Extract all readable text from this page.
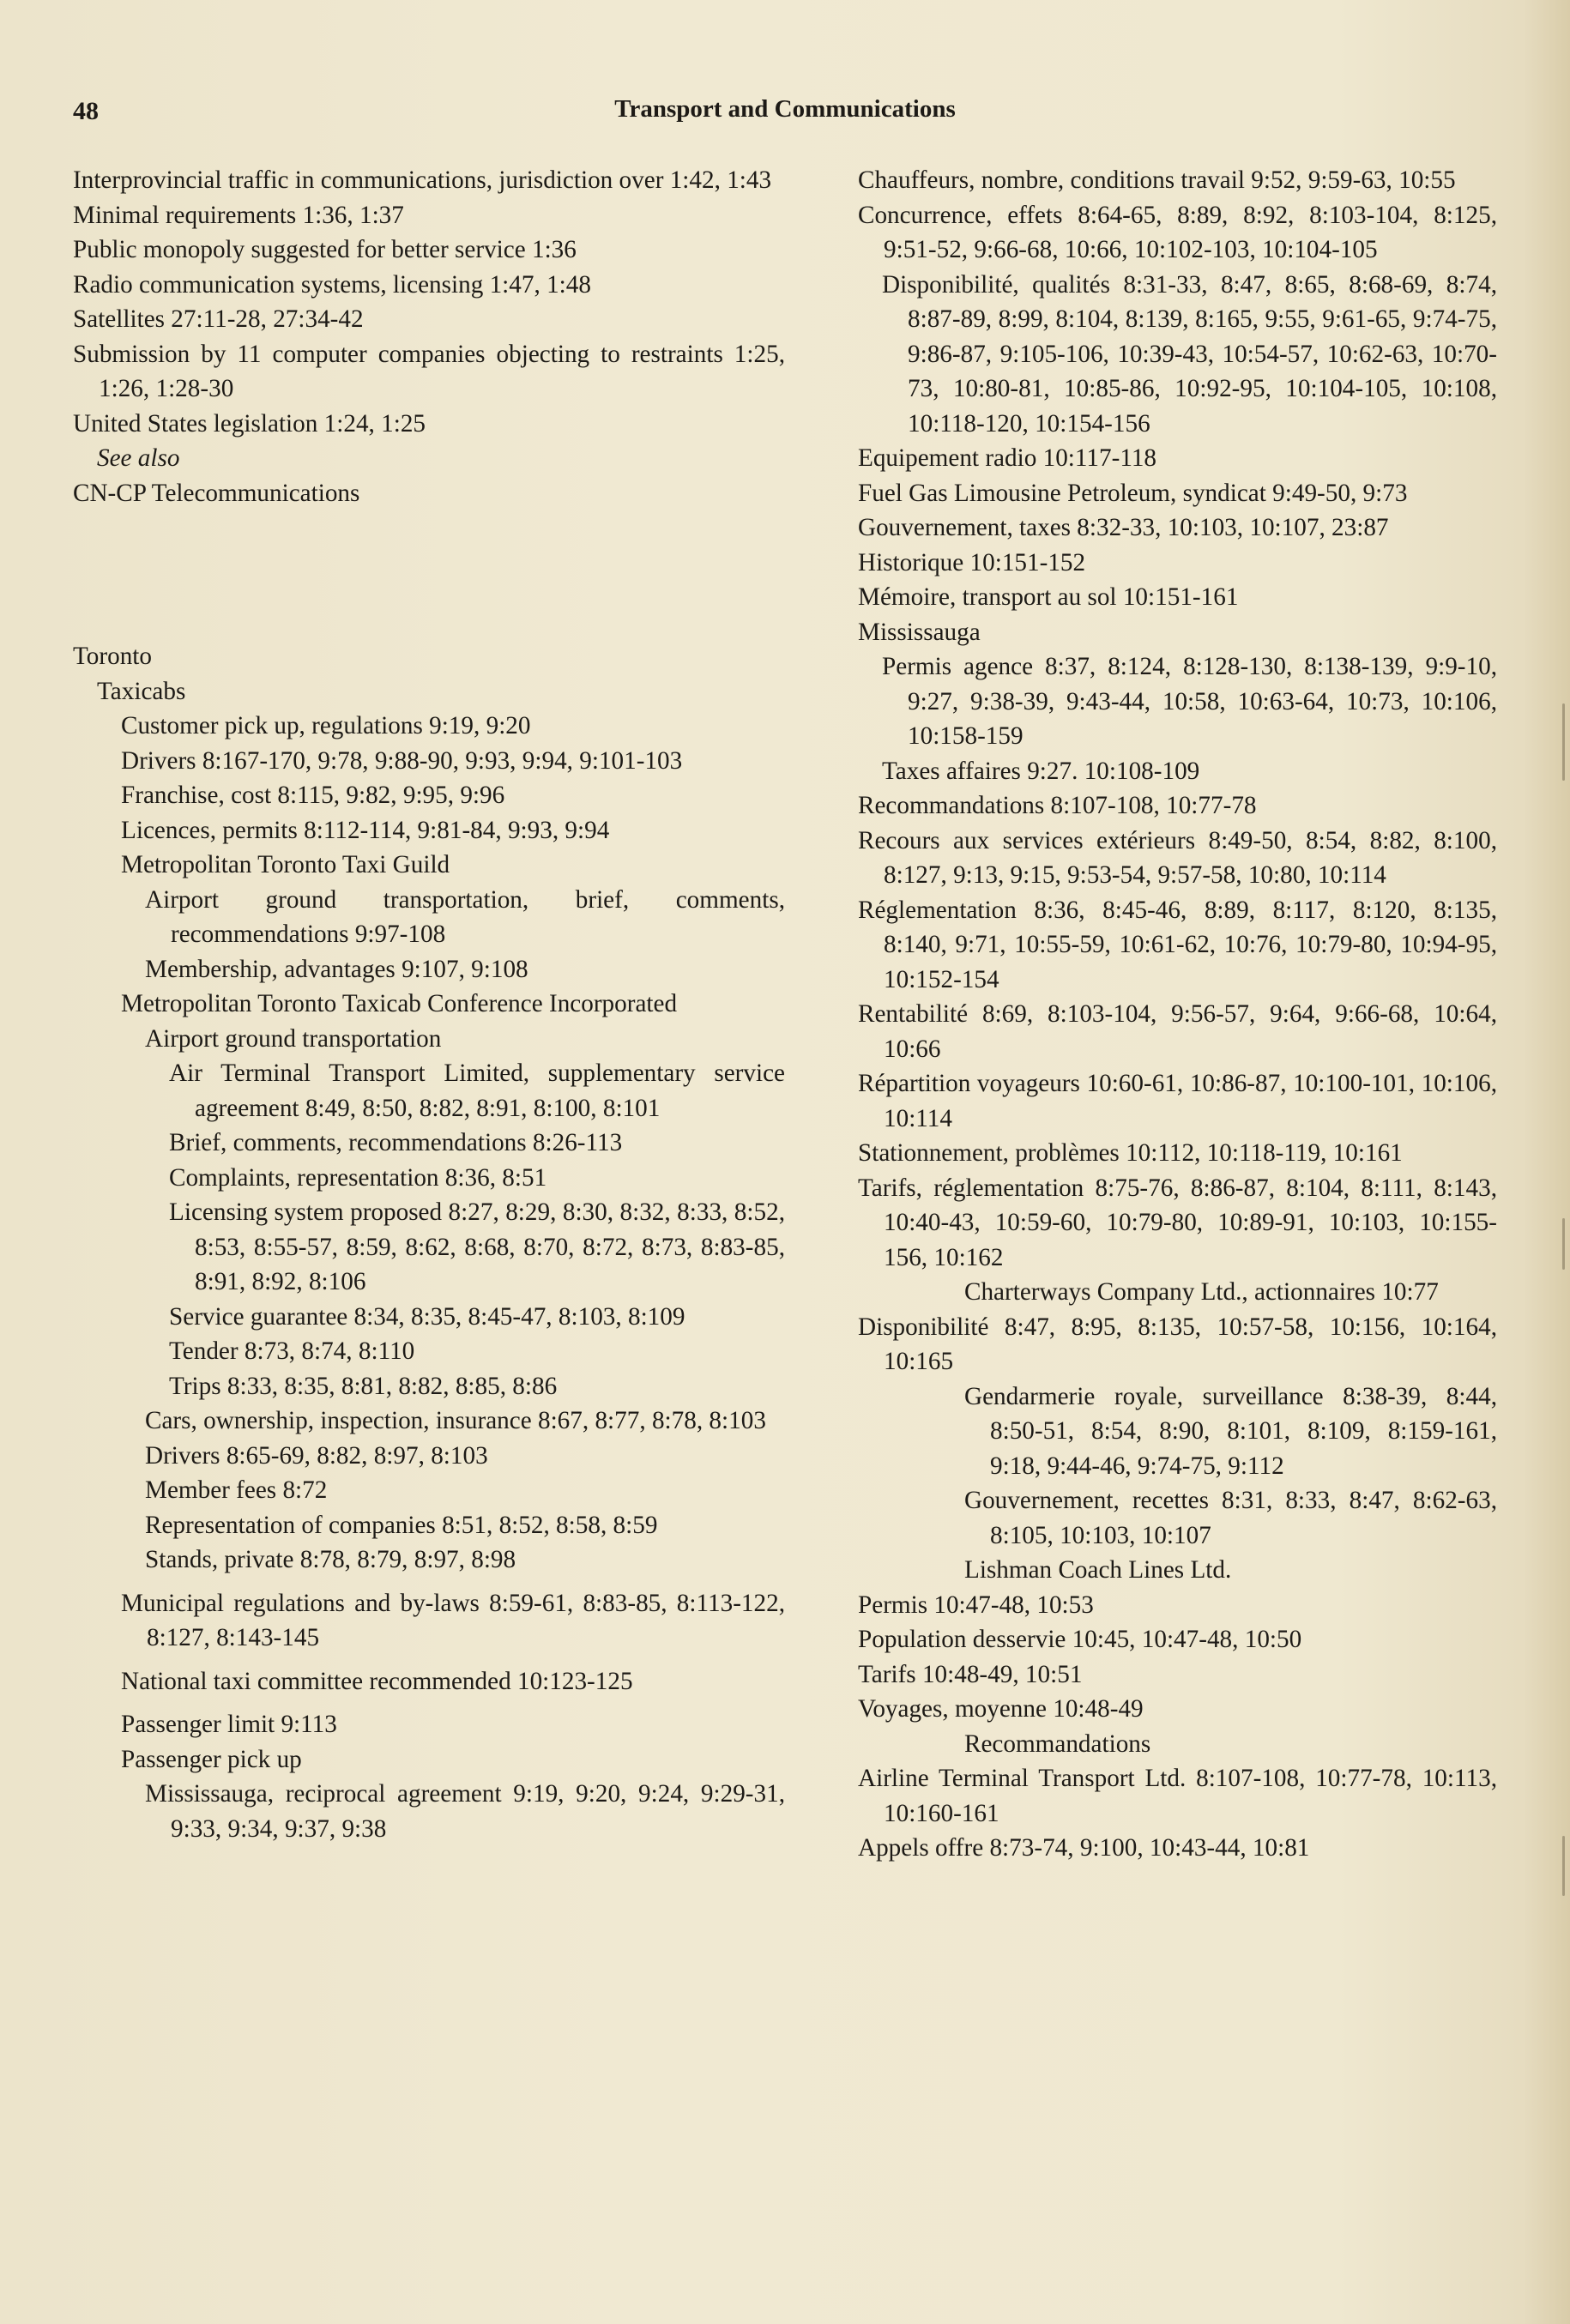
48	Transport and Communications
Interprovincial traffic in communications, jurisdiction over 1:42, 1:43
Minimal requirements 1:36, 1:37
Public monopoly suggested for better service 1:36
Radio communication systems, licensing 1:47, 1:48
Satellites 27:11-28, 27:34-42
Submission by 11 computer companies objecting to restraints 1:25, 1:26, 1:28-30
United States legislation 1:24, 1:25
See also
CN-CP Telecommunications
Toronto
Taxicabs
Customer pick up, regulations 9:19, 9:20
Drivers 8:167-170, 9:78, 9:88-90, 9:93, 9:94, 9:101-103
Franchise, cost 8:115, 9:82, 9:95, 9:96
Licences, permits 8:112-114, 9:81-84, 9:93, 9:94
Metropolitan Toronto Taxi Guild
Airport ground transportation, brief, comments, recommendations 9:97-108
Membership, advantages 9:107, 9:108
Metropolitan Toronto Taxicab Conference Incorporated
Airport ground transportation
Air Terminal Transport Limited, supplementary service agreement 8:49, 8:50, 8:82, 8:91, 8:100, 8:101
Brief, comments, recommendations 8:26-113
Complaints, representation 8:36, 8:51
Licensing system proposed 8:27, 8:29, 8:30, 8:32, 8:33, 8:52, 8:53, 8:55-57, 8:59, 8:62, 8:68, 8:70, 8:72, 8:73, 8:83-85, 8:91, 8:92, 8:106
Service guarantee 8:34, 8:35, 8:45-47, 8:103, 8:109
Tender 8:73, 8:74, 8:110
Trips 8:33, 8:35, 8:81, 8:82, 8:85, 8:86
Cars, ownership, inspection, insurance 8:67, 8:77, 8:78, 8:103
Drivers 8:65-69, 8:82, 8:97, 8:103
Member fees 8:72
Representation of companies 8:51, 8:52, 8:58, 8:59
Stands, private 8:78, 8:79, 8:97, 8:98
Municipal regulations and by-laws 8:59-61, 8:83-85, 8:113-122, 8:127, 8:143-145
National taxi committee recommended 10:123-125
Passenger limit 9:113
Passenger pick up
Mississauga, reciprocal agreement 9:19, 9:20, 9:24, 9:29-31, 9:33, 9:34, 9:37, 9:38
Chauffeurs, nombre, conditions travail 9:52, 9:59-63, 10:55
Concurrence, effets 8:64-65, 8:89, 8:92, 8:103-104, 8:125, 9:51-52, 9:66-68, 10:66, 10:102-103, 10:104-105
Disponibilité, qualités 8:31-33, 8:47, 8:65, 8:68-69, 8:74, 8:87-89, 8:99, 8:104, 8:139, 8:165, 9:55, 9:61-65, 9:74-75, 9:86-87, 9:105-106, 10:39-43, 10:54-57, 10:62-63, 10:70-73, 10:80-81, 10:85-86, 10:92-95, 10:104-105, 10:108, 10:118-120, 10:154-156
Equipement radio 10:117-118
Fuel Gas Limousine Petroleum, syndicat 9:49-50, 9:73
Gouvernement, taxes 8:32-33, 10:103, 10:107, 23:87
Historique 10:151-152
Mémoire, transport au sol 10:151-161
Mississauga
Permis agence 8:37, 8:124, 8:128-130, 8:138-139, 9:9-10, 9:27, 9:38-39, 9:43-44, 10:58, 10:63-64, 10:73, 10:106, 10:158-159
Taxes affaires 9:27. 10:108-109
Recommandations 8:107-108, 10:77-78
Recours aux services extérieurs 8:49-50, 8:54, 8:82, 8:100, 8:127, 9:13, 9:15, 9:53-54, 9:57-58, 10:80, 10:114
Réglementation 8:36, 8:45-46, 8:89, 8:117, 8:120, 8:135, 8:140, 9:71, 10:55-59, 10:61-62, 10:76, 10:79-80, 10:94-95, 10:152-154
Rentabilité 8:69, 8:103-104, 9:56-57, 9:64, 9:66-68, 10:64, 10:66
Répartition voyageurs 10:60-61, 10:86-87, 10:100-101, 10:106, 10:114
Stationnement, problèmes 10:112, 10:118-119, 10:161
Tarifs, réglementation 8:75-76, 8:86-87, 8:104, 8:111, 8:143, 10:40-43, 10:59-60, 10:79-80, 10:89-91, 10:103, 10:155-156, 10:162
Charterways Company Ltd., actionnaires 10:77
Disponibilité 8:47, 8:95, 8:135, 10:57-58, 10:156, 10:164, 10:165
Gendarmerie royale, surveillance 8:38-39, 8:44, 8:50-51, 8:54, 8:90, 8:101, 8:109, 8:159-161, 9:18, 9:44-46, 9:74-75, 9:112
Gouvernement, recettes 8:31, 8:33, 8:47, 8:62-63, 8:105, 10:103, 10:107
Lishman Coach Lines Ltd.
Permis 10:47-48, 10:53
Population desservie 10:45, 10:47-48, 10:50
Tarifs 10:48-49, 10:51
Voyages, moyenne 10:48-49
Recommandations
Airline Terminal Transport Ltd. 8:107-108, 10:77-78, 10:113, 10:160-161
Appels offre 8:73-74, 9:100, 10:43-44, 10:81
